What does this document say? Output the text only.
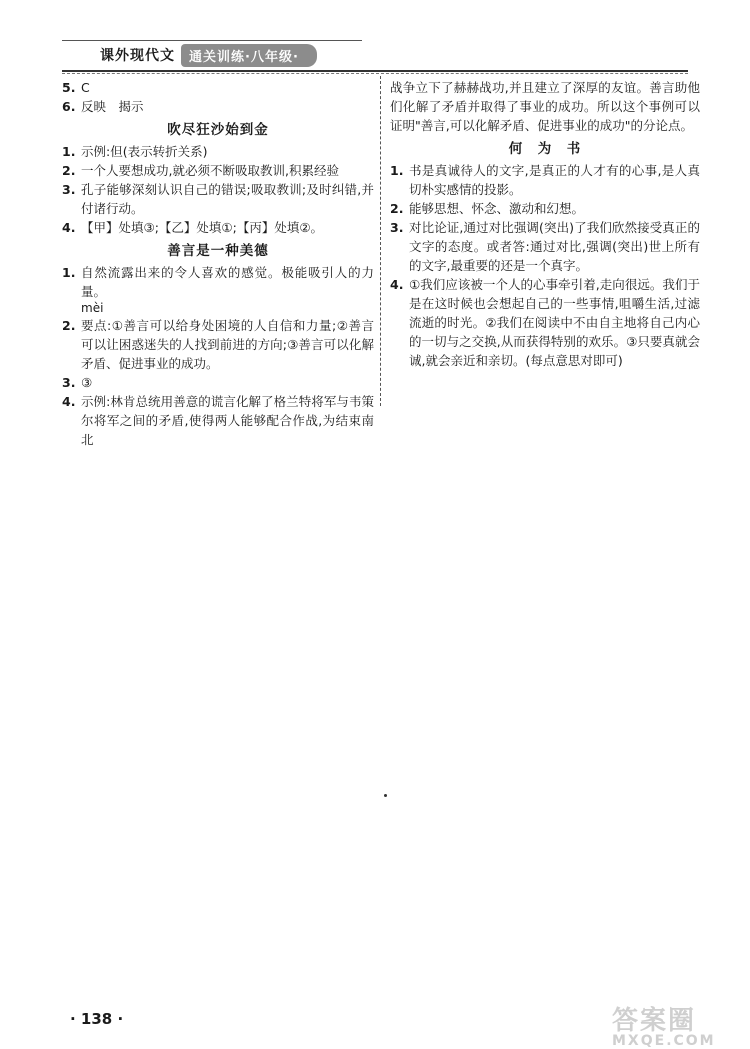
课外现代文	通关训练·八年级·
5. C
6. 反映　揭示
吹尽狂沙始到金
1. 示例:但(表示转折关系)
2. 一个人要想成功,就必须不断吸取教训,积累经验
3. 孔子能够深刻认识自己的错误;吸取教训;及时纠错,并付诸行动。
4. 【甲】处填③;【乙】处填①;【丙】处填②。
善言是一种美德
1. 自然流露出来的令人喜欢的感觉。极能吸引人的力量。
mèi
2. 要点:①善言可以给身处困境的人自信和力量;②善言可以让困惑迷失的人找到前进的方向;③善言可以化解矛盾、促进事业的成功。
3. ③
4. 示例:林肯总统用善意的谎言化解了格兰特将军与韦策尔将军之间的矛盾,使得两人能够配合作战,为结束南北

战争立下了赫赫战功,并且建立了深厚的友谊。善言助他们化解了矛盾并取得了事业的成功。所以这个事例可以证明"善言,可以化解矛盾、促进事业的成功"的分论点。

何　为　书
1. 书是真诚待人的文字,是真正的人才有的心事,是人真切朴实感情的投影。
2. 能够思想、怀念、激动和幻想。
3. 对比论证,通过对比强调(突出)了我们欣然接受真正的文字的态度。或者答:通过对比,强调(突出)世上所有的文字,最重要的还是一个真字。
4. ①我们应该被一个人的心事牵引着,走向很远。我们于是在这时候也会想起自己的一些事情,咀嚼生活,过滤流逝的时光。②我们在阅读中不由自主地将自己内心的一切与之交换,从而获得特别的欢乐。③只要真就会诚,就会亲近和亲切。(每点意思对即可)
· 138 ·	答案圈
MXQE.COM
